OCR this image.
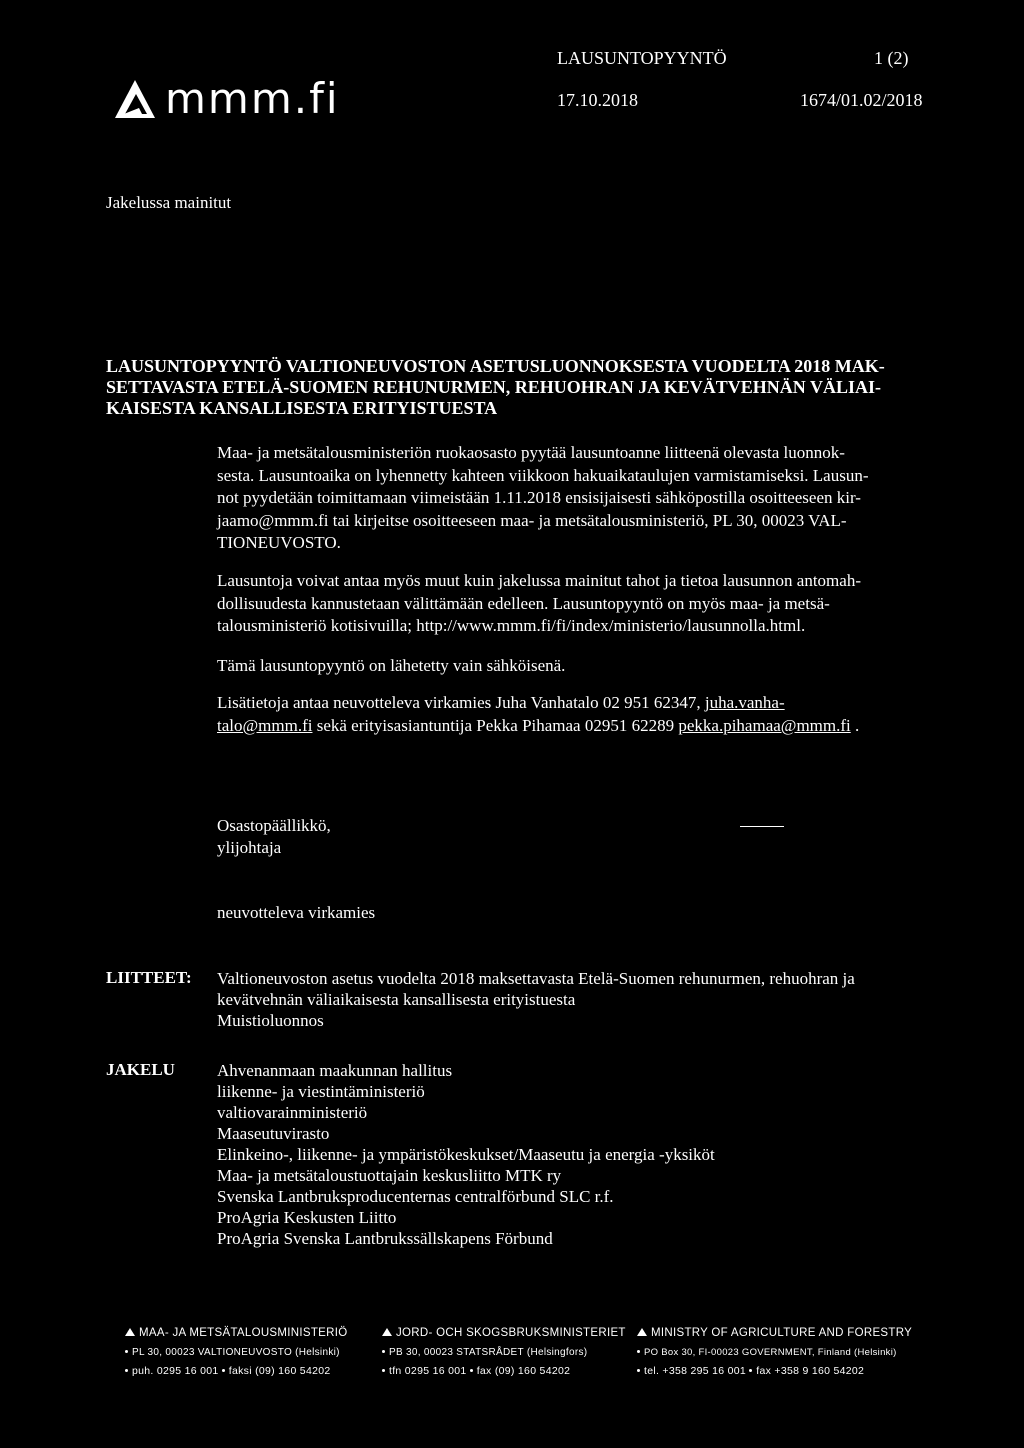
mmm.fi
LAUSUNTOPYYNTÖ	1 (2)
17.10.2018	1674/01.02/2018
Jakelussa mainitut
LAUSUNTOPYYNTÖ VALTIONEUVOSTON ASETUSLUONNOKSESTA VUODELTA 2018 MAK-
SETTAVASTA ETELÄ-SUOMEN REHUNURMEN, REHUOHRAN JA KEVÄTVEHNÄN VÄLIAI-
KAISESTA KANSALLISESTA ERITYISTUESTA
Maa- ja metsätalousministeriön ruokaosasto pyytää lausuntoanne liitteenä olevasta luonnok-
sesta. Lausuntoaika on lyhennetty kahteen viikkoon hakuaikataulujen varmistamiseksi. Lausun-
not pyydetään toimittamaan viimeistään 1.11.2018 ensisijaisesti sähköpostilla osoitteeseen kir-
jaamo@mmm.fi tai kirjeitse osoitteeseen maa- ja metsätalousministeriö, PL 30, 00023 VAL-
TIONEUVOSTO.
Lausuntoja voivat antaa myös muut kuin jakelussa mainitut tahot ja tietoa lausunnon antomah-
dollisuudesta kannustetaan välittämään edelleen. Lausuntopyyntö on myös maa- ja metsä-
talousministeriö kotisivuilla; http://www.mmm.fi/fi/index/ministerio/lausunnolla.html.
Tämä lausuntopyyntö on lähetetty vain sähköisenä.
Lisätietoja antaa neuvotteleva virkamies Juha Vanhatalo 02 951 62347, juha.vanha-
talo@mmm.fi sekä erityisasiantuntija Pekka Pihamaa 02951 62289 pekka.pihamaa@mmm.fi .
Osastopäällikkö,
ylijohtaja
neuvotteleva virkamies
LIITTEET: Valtioneuvoston asetus vuodelta 2018 maksettavasta Etelä-Suomen rehunurmen, rehuohran ja
kevätvehnän väliaikaisesta kansallisesta erityistuesta
Muistioluonnos
JAKELU Ahvenanmaan maakunnan hallitus
liikenne- ja viestintäministeriö
valtiovarainministeriö
Maaseutuvirasto
Elinkeino-, liikenne- ja ympäristökeskukset/Maaseutu ja energia -yksiköt
Maa- ja metsätaloustuottajain keskusliitto MTK ry
Svenska Lantbruksproducenternas centralförbund SLC r.f.
ProAgria Keskusten Liitto
ProAgria Svenska Lantbrukssällskapens Förbund
MAA- JA METSÄTALOUSMINISTERIÖ
PL 30, 00023 VALTIONEUVOSTO (Helsinki)
puh. 0295 16 001 faksi (09) 160 54202
JORD- OCH SKOGSBRUKSMINISTERIET
PB 30, 00023 STATSRÅDET (Helsingfors)
tfn 0295 16 001 fax (09) 160 54202
MINISTRY OF AGRICULTURE AND FORESTRY
PO Box 30, FI-00023 GOVERNMENT, Finland (Helsinki)
tel. +358 295 16 001 fax +358 9 160 54202
